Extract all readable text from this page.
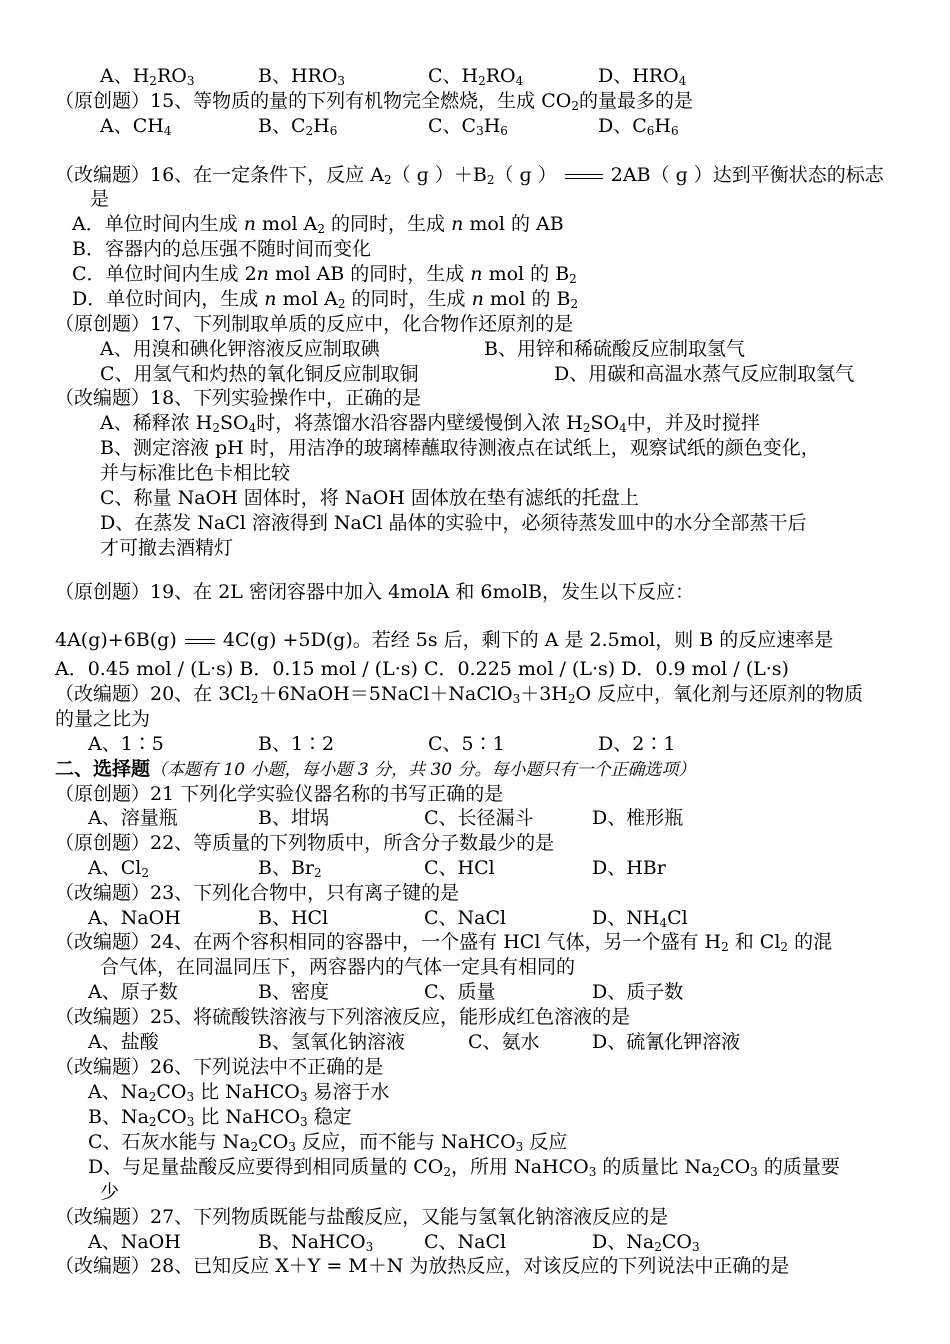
A、$H_2RO_3$	B、$HRO_3$	C、$H_2RO_4$	D、$HRO_4$
（原创题）15、等物质的量的下列有机物完全燃烧，生成 $CO_2$的量最多的是
A、$CH_4$	B、$C_2H_6$	C、$C_3H_6$	D、$C_6H_6$
（改编题）16、在一定条件下，反应 $A_2$（ ɡ ）$+B_2$（ ɡ ）	2AB（ ɡ ）达到平衡状态的标志
是
A．单位时间内生成 n mol $A_2$ 的同时，生成 n mol 的 AB
B．容器内的总压强不随时间而变化
C．单位时间内生成 2n mol AB 的同时，生成 n mol 的 $B_2$
D．单位时间内，生成 n mol $A_2$ 的同时，生成 n mol 的 $B_2$
（原创题）17、下列制取单质的反应中，化合物作还原剂的是
A、用溴和碘化钾溶液反应制取碘	B、用锌和稀硫酸反应制取氢气
C、用氢气和灼热的氧化铜反应制取铜	D、用碳和高温水蒸气反应制取氢气
（改编题）18、下列实验操作中，正确的是
A、稀释浓 $H_2SO_4$时，将蒸馏水沿容器内壁缓慢倒入浓 $H_2SO_4$中，并及时搅拌
B、测定溶液 pH 时，用洁净的玻璃棒蘸取待测液点在试纸上，观察试纸的颜色变化，
并与标准比色卡相比较
C、称量 NaOH 固体时，将 NaOH 固体放在垫有滤纸的托盘上
D、在蒸发 NaCl 溶液得到 NaCl 晶体的实验中，必须待蒸发皿中的水分全部蒸干后
才可撤去酒精灯
（原创题）19、在 2L 密闭容器中加入 4molA 和 6molB，发生以下反应：
4A(g)+6B(g) 4C(g) +5D(g)。若经 5s 后，剩下的 A 是 2.5mol，则 B 的反应速率是
A．0.45 mol / (L·s) B．0.15 mol / (L·s) C．0.225 mol / (L·s) D．0.9 mol / (L·s)
（改编题）20、在 $3Cl_2+6NaOH=5NaCl+NaClO_3+3H_2O$ 反应中，氧化剂与还原剂的物质
的量之比为
A、1∶5	B、1∶2	C、5∶1	D、2∶1
二、选择题（本题有 10 小题，每小题 3 分，共 30 分。每小题只有一个正确选项）
（原创题）21 下列化学实验仪器名称的书写正确的是
A、溶量瓶	B、坩埚	C、长径漏斗	D、椎形瓶
（原创题）22、等质量的下列物质中，所含分子数最少的是
A、$Cl_2$	B、$Br_2$	C、HCl	D、HBr
（改编题）23、下列化合物中，只有离子键的是
A、NaOH	B、HCl	C、NaCl	D、$NH_4Cl$
（改编题）24、在两个容积相同的容器中，一个盛有 HCl 气体，另一个盛有 $H_2$ 和 $Cl_2$ 的混
合气体，在同温同压下，两容器内的气体一定具有相同的
A、原子数	B、密度	C、质量	D、质子数
（改编题）25、将硫酸铁溶液与下列溶液反应，能形成红色溶液的是
A、盐酸	B、氢氧化钠溶液	C、氨水	D、硫氰化钾溶液
（改编题）26、下列说法中不正确的是
A、$Na_2CO_3$ 比 NaHCO$_3$ 易溶于水
B、$Na_2CO_3$ 比 NaHCO$_3$ 稳定
C、石灰水能与 $Na_2CO_3$ 反应，而不能与 NaHCO$_3$ 反应
D、与足量盐酸反应要得到相同质量的 $CO_2$，所用 NaHCO$_3$ 的质量比 $Na_2CO_3$ 的质量要
少
（改编题）27、下列物质既能与盐酸反应，又能与氢氧化钠溶液反应的是
A、NaOH	B、NaHCO$_3$	C、NaCl	D、$Na_2CO_3$
（改编题）28、已知反应 X＋Y = M＋N 为放热反应，对该反应的下列说法中正确的是
